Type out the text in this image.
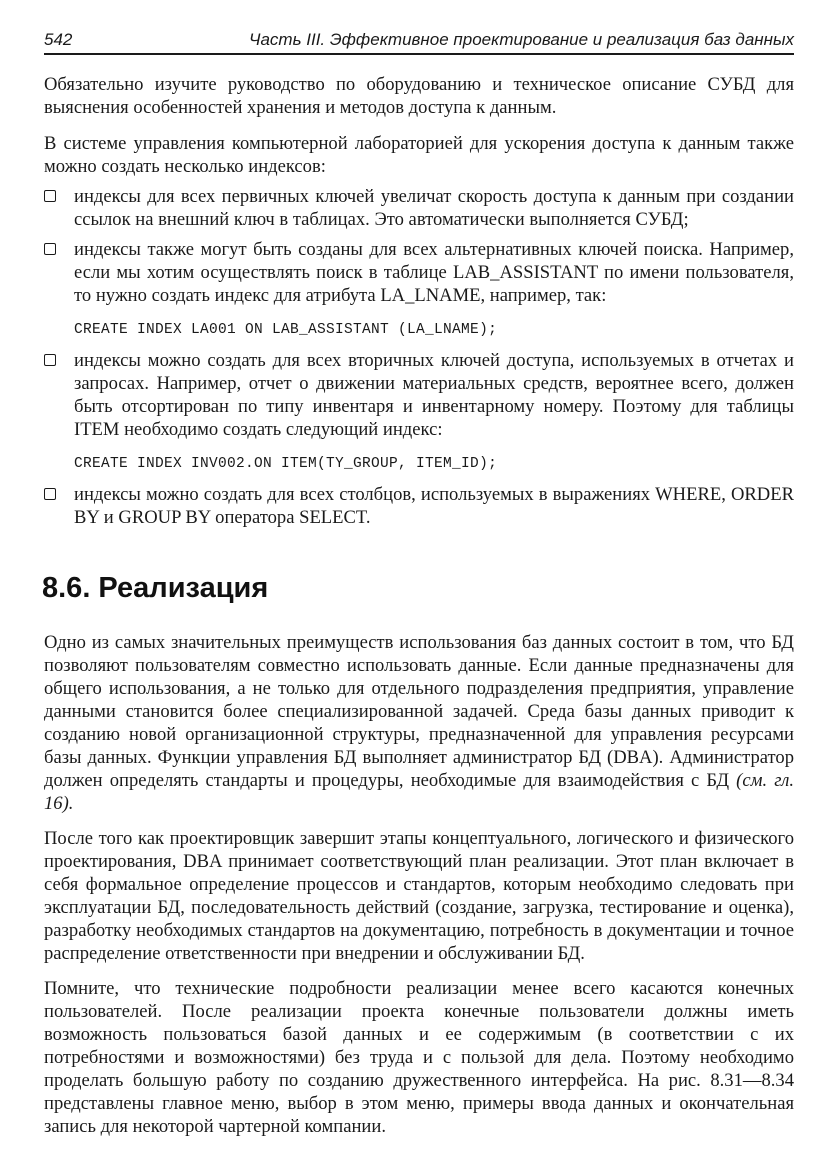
542	Часть III. Эффективное проектирование и реализация баз данных

Обязательно изучите руководство по оборудованию и техническое описание СУБД для выяснения особенностей хранения и методов доступа к данным.

В системе управления компьютерной лабораторией для ускорения доступа к данным также можно создать несколько индексов:

индексы для всех первичных ключей увеличат скорость доступа к данным при создании ссылок на внешний ключ в таблицах. Это автоматически выполняется СУБД;
индексы также могут быть созданы для всех альтернативных ключей поиска. Например, если мы хотим осуществлять поиск в таблице LAB_ASSISTANT по имени пользователя, то нужно создать индекс для атрибута LA_LNAME, например, так:
CREATE INDEX LA001 ON LAB_ASSISTANT (LA_LNAME);
индексы можно создать для всех вторичных ключей доступа, используемых в отчетах и запросах. Например, отчет о движении материальных средств, вероятнее всего, должен быть отсортирован по типу инвентаря и инвентарному номеру. Поэтому для таблицы ITEM необходимо создать следующий индекс:
CREATE INDEX INV002.ON ITEM(TY_GROUP, ITEM_ID);
индексы можно создать для всех столбцов, используемых в выражениях WHERE, ORDER BY и GROUP BY оператора SELECT.
8.6. Реализация

Одно из самых значительных преимуществ использования баз данных состоит в том, что БД позволяют пользователям совместно использовать данные. Если данные предназначены для общего использования, а не только для отдельного подразделения предприятия, управление данными становится более специализированной задачей. Среда базы данных приводит к созданию новой организационной структуры, предназначенной для управления ресурсами базы данных. Функции управления БД выполняет администратор БД (DBA). Администратор должен определять стандарты и процедуры, необходимые для взаимодействия с БД (см. гл. 16).

После того как проектировщик завершит этапы концептуального, логического и физического проектирования, DBA принимает соответствующий план реализации. Этот план включает в себя формальное определение процессов и стандартов, которым необходимо следовать при эксплуатации БД, последовательность действий (создание, загрузка, тестирование и оценка), разработку необходимых стандартов на документацию, потребность в документации и точное распределение ответственности при внедрении и обслуживании БД.

Помните, что технические подробности реализации менее всего касаются конечных пользователей. После реализации проекта конечные пользователи должны иметь возможность пользоваться базой данных и ее содержимым (в соответствии с их потребностями и возможностями) без труда и с пользой для дела. Поэтому необходимо проделать большую работу по созданию дружественного интерфейса. На рис. 8.31—8.34 представлены главное меню, выбор в этом меню, примеры ввода данных и окончательная запись для некоторой чартерной компании.
